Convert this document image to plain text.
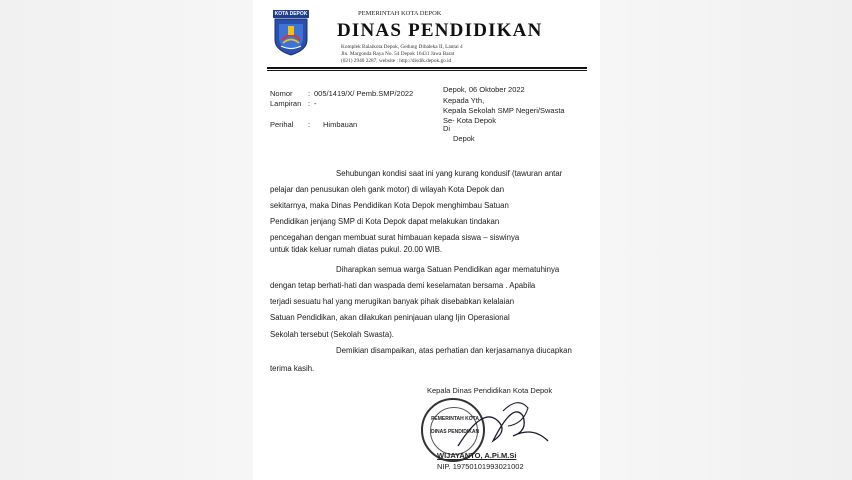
KOTA DEPOK	PEMERINTAH KOTA DEPOK
DINAS PENDIDIKAN
Komplek Balaikota Depok, Gedung Dibaleka II, Lantai 4
Jln. Margonda Raya No. 54 Depok 16431 Jawa Barat
(021) 2940 2287, website : http://disdik.depok.go.id
Nomor : 005/1419/X/ Pemb.SMP/2022
Lampiran : -
Perihal : Himbauan
Depok, 06 Oktober 2022
Kepada Yth,
Kepala Sekolah SMP Negeri/Swasta
Se- Kota Depok
Di
Depok
Sehubungan kondisi saat ini yang kurang kondusif (tawuran antar
pelajar dan penusukan oleh gank motor) di wilayah Kota Depok dan
sekitarnya, maka Dinas Pendidikan Kota Depok menghimbau Satuan
Pendidikan jenjang SMP di Kota Depok dapat melakukan tindakan
pencegahan dengan membuat surat himbauan kepada siswa – siswinya
untuk tidak keluar rumah diatas pukul. 20.00 WIB.
Diharapkan semua warga Satuan Pendidikan agar mematuhinya
dengan tetap berhati-hati dan waspada demi keselamatan bersama . Apabila
terjadi sesuatu hal yang merugikan banyak pihak disebabkan kelalaian
Satuan Pendidikan, akan dilakukan peninjauan ulang Ijin Operasional
Sekolah tersebut (Sekolah Swasta).
Demikian disampaikan, atas perhatian dan kerjasamanya diucapkan
terima kasih.
Kepala Dinas Pendidikan Kota Depok
PEMERINTAH KOTA
DINAS PENDIDIKAN
WIJAYANTO, A.Pi.M.Si
NIP. 19750101993021002
